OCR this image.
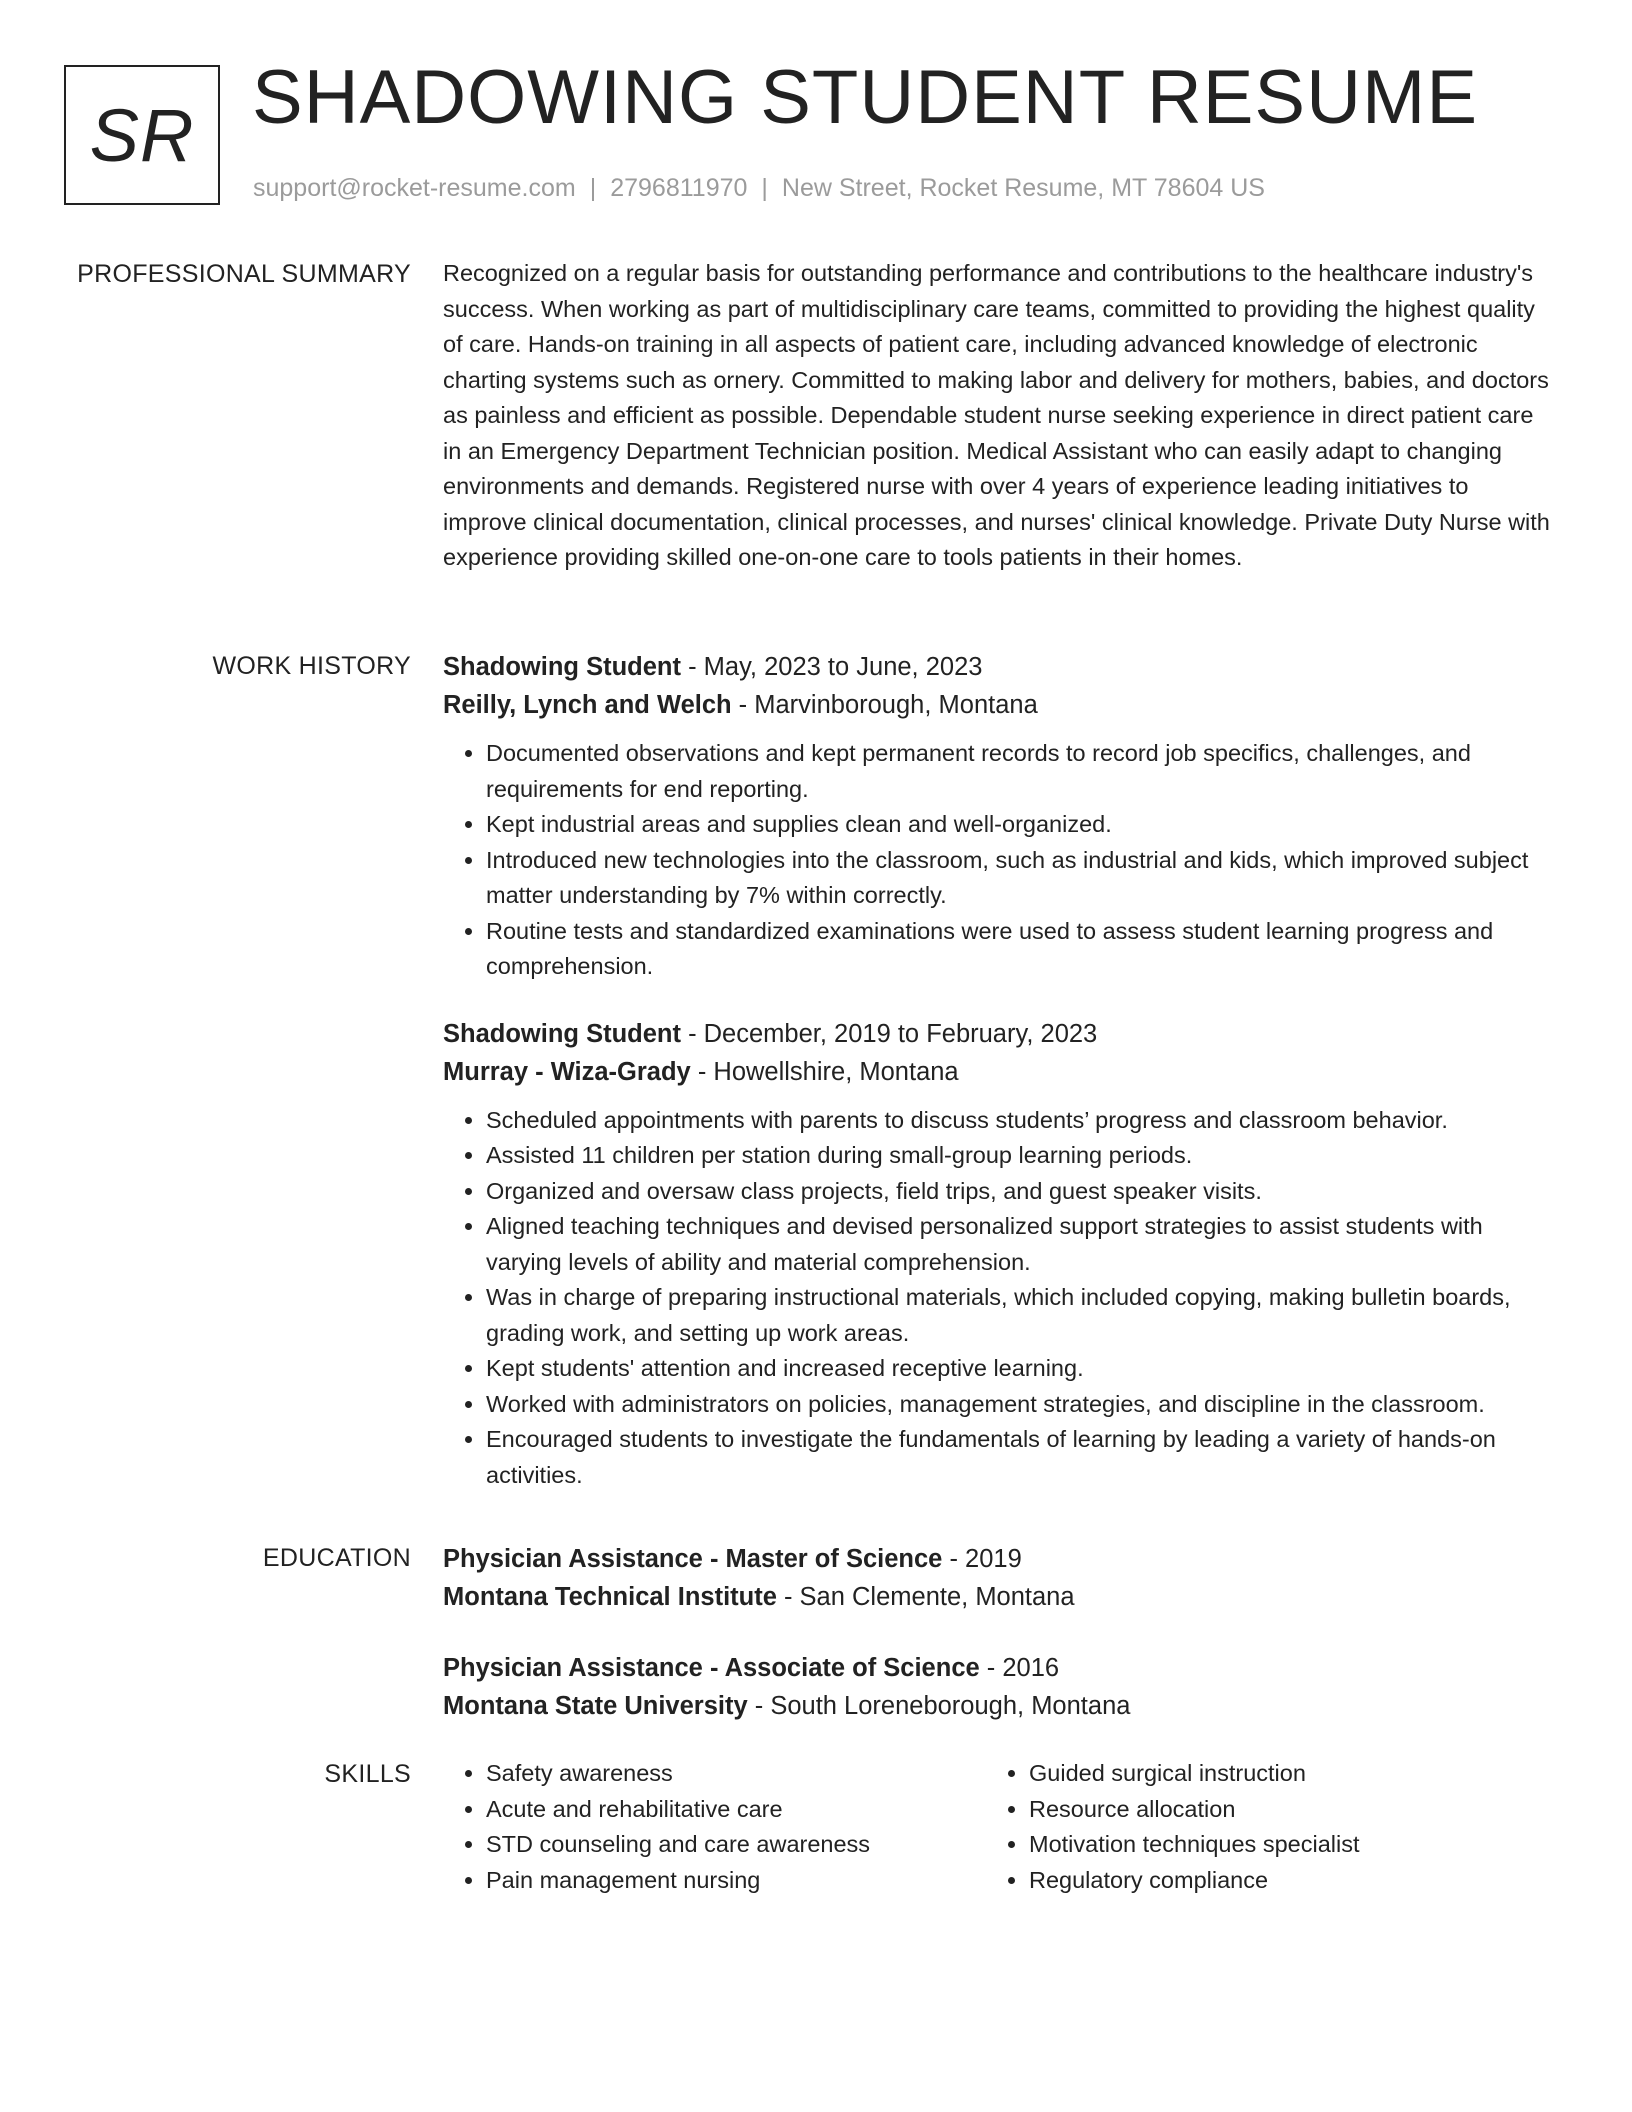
SR SHADOWING STUDENT RESUME
support@rocket-resume.com | 2796811970 | New Street, Rocket Resume, MT 78604 US
PROFESSIONAL SUMMARY Recognized on a regular basis for outstanding performance and contributions to the healthcare industry's success. When working as part of multidisciplinary care teams, committed to providing the highest quality of care. Hands-on training in all aspects of patient care, including advanced knowledge of electronic charting systems such as ornery. Committed to making labor and delivery for mothers, babies, and doctors as painless and efficient as possible. Dependable student nurse seeking experience in direct patient care in an Emergency Department Technician position. Medical Assistant who can easily adapt to changing environments and demands. Registered nurse with over 4 years of experience leading initiatives to improve clinical documentation, clinical processes, and nurses' clinical knowledge. Private Duty Nurse with experience providing skilled one-on-one care to tools patients in their homes.

WORK HISTORY Shadowing Student - May, 2023 to June, 2023
Reilly, Lynch and Welch - Marvinborough, Montana
• Documented observations and kept permanent records to record job specifics, challenges, and requirements for end reporting.
• Kept industrial areas and supplies clean and well-organized.
• Introduced new technologies into the classroom, such as industrial and kids, which improved subject matter understanding by 7% within correctly.
• Routine tests and standardized examinations were used to assess student learning progress and comprehension.
Shadowing Student - December, 2019 to February, 2023
Murray - Wiza-Grady - Howellshire, Montana
• Scheduled appointments with parents to discuss students’ progress and classroom behavior.
• Assisted 11 children per station during small-group learning periods.
• Organized and oversaw class projects, field trips, and guest speaker visits.
• Aligned teaching techniques and devised personalized support strategies to assist students with varying levels of ability and material comprehension.
• Was in charge of preparing instructional materials, which included copying, making bulletin boards, grading work, and setting up work areas.
• Kept students' attention and increased receptive learning.
• Worked with administrators on policies, management strategies, and discipline in the classroom.
• Encouraged students to investigate the fundamentals of learning by leading a variety of hands-on activities.
EDUCATION Physician Assistance - Master of Science - 2019
Montana Technical Institute - San Clemente, Montana
Physician Assistance - Associate of Science - 2016
Montana State University - South Loreneborough, Montana
SKILLS
•	Safety awareness
• Acute and rehabilitative care
• STD counseling and care awareness
• Pain management nursing
• Guided surgical instruction
• Resource allocation
• Motivation techniques specialist
• Regulatory compliance
